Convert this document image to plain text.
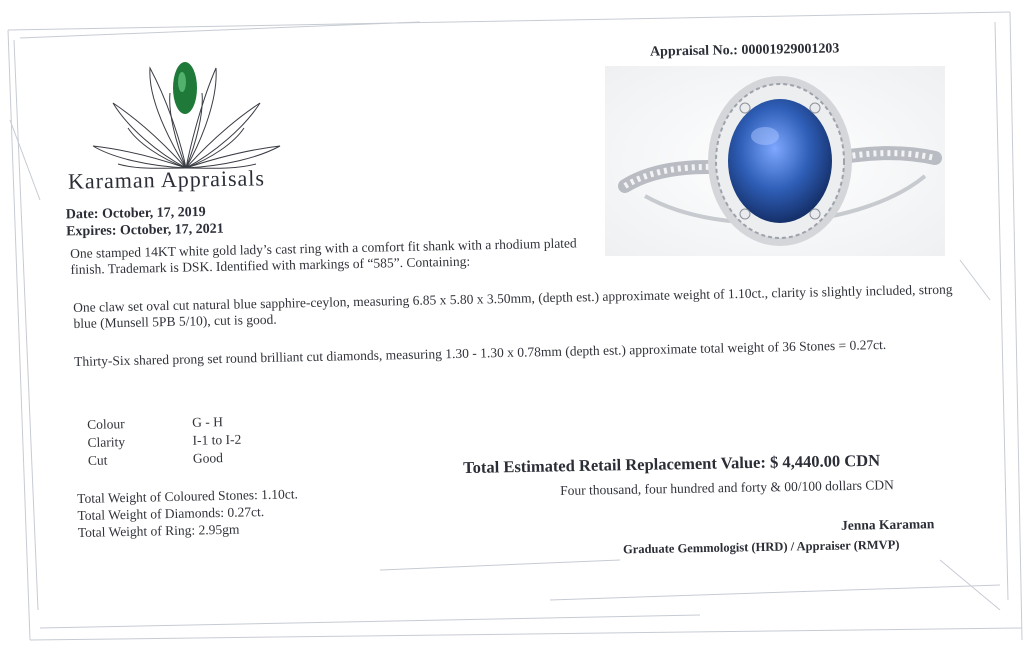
Karaman Appraisals
Date: October, 17, 2019
Expires: October, 17, 2021
Appraisal No.: 00001929001203
One stamped 14KT white gold lady’s cast ring with a comfort fit shank with a rhodium plated finish. Trademark is DSK. Identified with markings of “585”. Containing:
One claw set oval cut natural blue sapphire-ceylon, measuring 6.85 x 5.80 x 3.50mm, (depth est.) approximate weight of 1.10ct., clarity is slightly included, strong blue (Munsell 5PB 5/10), cut is good.
Thirty-Six shared prong set round brilliant cut diamonds, measuring 1.30 - 1.30 x 0.78mm (depth est.) approximate total weight of 36 Stones = 0.27ct.
Colour	G - H
Clarity	I-1 to I-2
Cut	Good
Total Weight of Coloured Stones: 1.10ct.
Total Weight of Diamonds: 0.27ct.
Total Weight of Ring: 2.95gm
Total Estimated Retail Replacement Value: $ 4,440.00 CDN
Four thousand, four hundred and forty & 00/100 dollars CDN
Jenna Karaman
Graduate Gemmologist (HRD) / Appraiser (RMVP)
